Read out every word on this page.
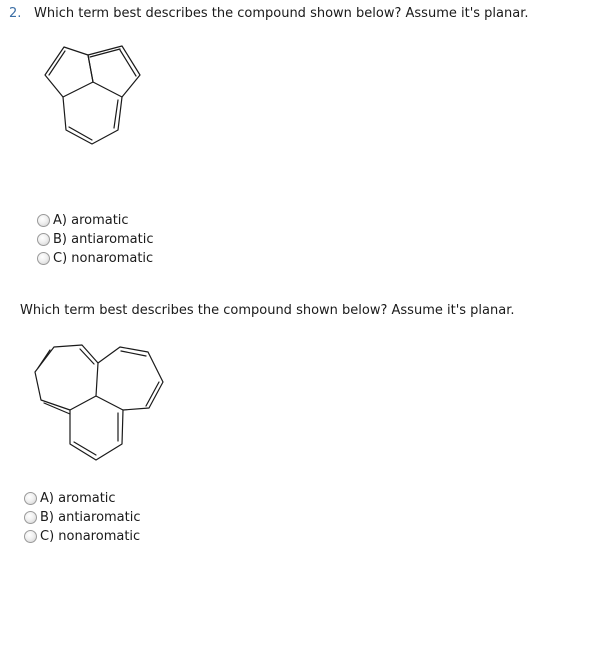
2. Which term best describes the compound shown below? Assume it's planar.
A) aromatic
B) antiaromatic
C) nonaromatic
Which term best describes the compound shown below? Assume it's planar.
A) aromatic
B) antiaromatic
C) nonaromatic
